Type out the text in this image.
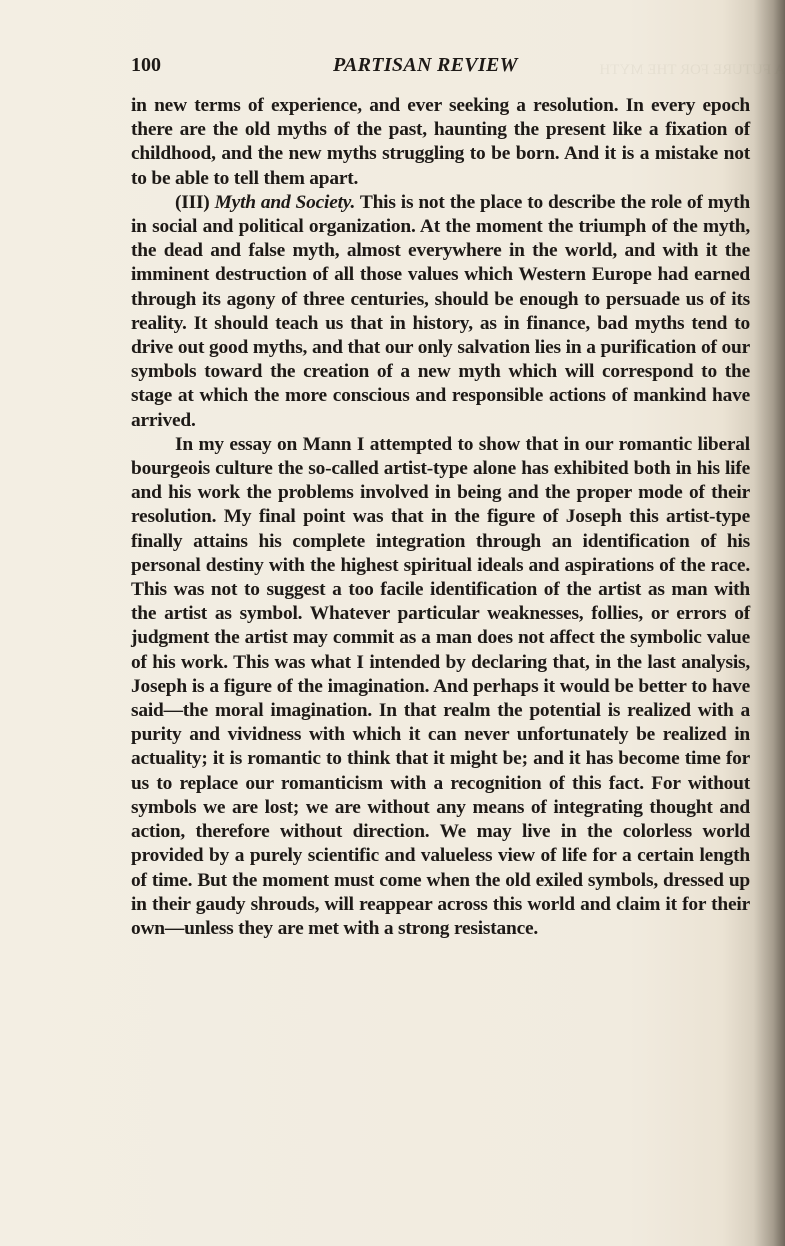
A FUTURE FOR THE MYTH
100	PARTISAN REVIEW

in new terms of experience, and ever seeking a resolution. In every epoch there are the old myths of the past, haunting the present like a fixation of childhood, and the new myths struggling to be born. And it is a mistake not to be able to tell them apart.

(III) Myth and Society. This is not the place to describe the role of myth in social and political organization. At the moment the triumph of the myth, the dead and false myth, almost everywhere in the world, and with it the imminent destruction of all those values which Western Europe had earned through its agony of three centuries, should be enough to persuade us of its reality. It should teach us that in history, as in finance, bad myths tend to drive out good myths, and that our only salvation lies in a purification of our symbols toward the creation of a new myth which will correspond to the stage at which the more conscious and responsible actions of mankind have arrived.

In my essay on Mann I attempted to show that in our romantic liberal bourgeois culture the so-called artist-type alone has exhibited both in his life and his work the problems involved in being and the proper mode of their resolution. My final point was that in the figure of Joseph this artist-type finally attains his complete integration through an identification of his personal destiny with the highest spiritual ideals and aspirations of the race. This was not to suggest a too facile identification of the artist as man with the artist as symbol. Whatever particular weaknesses, follies, or errors of judgment the artist may commit as a man does not affect the symbolic value of his work. This was what I intended by declaring that, in the last analysis, Joseph is a figure of the imagination. And perhaps it would be better to have said—the moral imagination. In that realm the potential is realized with a purity and vividness with which it can never unfortunately be realized in actuality; it is romantic to think that it might be; and it has become time for us to replace our romanticism with a recognition of this fact. For without symbols we are lost; we are without any means of integrating thought and action, therefore without direction. We may live in the colorless world provided by a purely scientific and valueless view of life for a certain length of time. But the moment must come when the old exiled symbols, dressed up in their gaudy shrouds, will reappear across this world and claim it for their own—unless they are met with a strong resistance.
